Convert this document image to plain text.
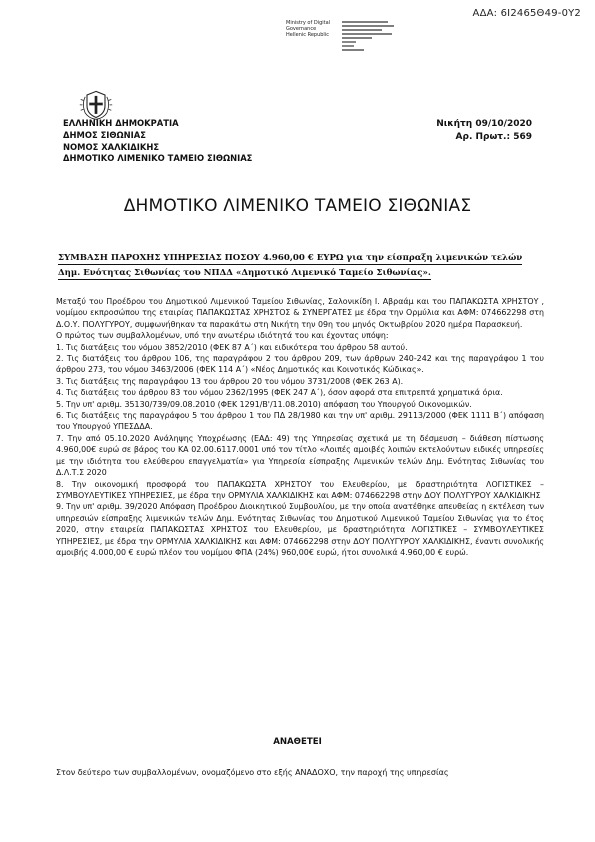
ΑΔΑ: 6Ι2465Θ49-0Υ2
Ministry of Digital
Governance
Hellenic Republic
ΕΛΛΗΝΙΚΗ ΔΗΜΟΚΡΑΤΙΑ
ΔΗΜΟΣ ΣΙΘΩΝΙΑΣ
ΝΟΜΟΣ ΧΑΛΚΙΔΙΚΗΣ
ΔΗΜΟΤΙΚΟ ΛΙΜΕΝΙΚΟ ΤΑΜΕΙΟ ΣΙΘΩΝΙΑΣ
Νικήτη 09/10/2020
Αρ. Πρωτ.: 569
ΔΗΜΟΤΙΚΟ ΛΙΜΕΝΙΚΟ ΤΑΜΕΙΟ ΣΙΘΩΝΙΑΣ
ΣΥΜΒΑΣΗ ΠΑΡΟΧΗΣ ΥΠΗΡΕΣΙΑΣ ΠΟΣΟΥ 4.960,00 € ΕΥΡΩ για την είσπραξη λιμενικών τελών
Δημ. Ενότητας Σιθωνίας του ΝΠΔΔ «Δημοτικό Λιμενικό Ταμείο Σιθωνίας».

Μεταξύ του Προέδρου του Δημοτικού Λιμενικού Ταμείου Σιθωνίας, Σαλονικίδη Ι. Αβραάμ και του ΠΑΠΑΚΩΣΤΑ ΧΡΗΣΤΟΥ , νομίμου εκπροσώπου της εταιρίας ΠΑΠΑΚΩΣΤΑΣ ΧΡΗΣΤΟΣ & ΣΥΝΕΡΓΑΤΕΣ με έδρα την Ορμύλια και ΑΦΜ: 074662298 στη Δ.Ο.Υ. ΠΟΛΥΓΥΡΟΥ, συμφωνήθηκαν τα παρακάτω στη Νικήτη την 09η του μηνός Οκτωβρίου 2020 ημέρα Παρασκευή.

Ο πρώτος των συμβαλλομένων, υπό την ανωτέρω ιδιότητά του και έχοντας υπόψη:

1. Τις διατάξεις του νόμου 3852/2010 (ΦΕΚ 87 Α΄) και ειδικότερα του άρθρου 58 αυτού.

2. Τις διατάξεις του άρθρου 106, της παραγράφου 2 του άρθρου 209, των άρθρων 240-242 και της παραγράφου 1 του άρθρου 273, του νόμου 3463/2006 (ΦΕΚ 114 Α΄) «Νέος Δημοτικός και Κοινοτικός Κώδικας».

3. Τις διατάξεις της παραγράφου 13 του άρθρου 20 του νόμου 3731/2008 (ΦΕΚ 263 Α).

4. Τις διατάξεις του άρθρου 83 του νόμου 2362/1995 (ΦΕΚ 247 Α΄), όσον αφορά στα επιτρεπτά χρηματικά όρια.

5. Την υπ' αριθμ. 35130/739/09.08.2010 (ΦΕΚ 1291/Β'/11.08.2010) απόφαση του Υπουργού Οικονομικών.

6. Τις διατάξεις της παραγράφου 5 του άρθρου 1 του ΠΔ 28/1980 και την υπ' αριθμ. 29113/2000 (ΦΕΚ 1111 Β΄) απόφαση του Υπουργού ΥΠΕΣΔΔΑ.

7. Την από 05.10.2020 Ανάληψης Υποχρέωσης (ΕΑΔ: 49) της Υπηρεσίας σχετικά με τη δέσμευση – διάθεση πίστωσης 4.960,00€ ευρώ σε βάρος του ΚΑ 02.00.6117.0001 υπό τον τίτλο «Λοιπές αμοιβές λοιπών εκτελούντων ειδικές υπηρεσίες με την ιδιότητα του ελεύθερου επαγγελματία» για Υπηρεσία είσπραξης Λιμενικών τελών Δημ. Ενότητας Σιθωνίας του Δ.Λ.Τ.Σ 2020

8. Την οικονομική προσφορά του ΠΑΠΑΚΩΣΤΑ ΧΡΗΣΤΟΥ του Ελευθερίου, με δραστηριότητα ΛΟΓΙΣΤΙΚΕΣ – ΣΥΜΒΟΥΛΕΥΤΙΚΕΣ ΥΠΗΡΕΣΙΕΣ, με έδρα την ΟΡΜΥΛΙΑ ΧΑΛΚΙΔΙΚΗΣ και ΑΦΜ: 074662298 στην ΔΟΥ ΠΟΛΥΓΥΡΟΥ ΧΑΛΚΙΔΙΚΗΣ

9. Την υπ' αριθμ. 39/2020 Απόφαση Προέδρου Διοικητικού Συμβουλίου, με την οποία ανατέθηκε απευθείας η εκτέλεση των υπηρεσιών είσπραξης λιμενικών τελών Δημ. Ενότητας Σιθωνίας του Δημοτικού Λιμενικού Ταμείου Σιθωνίας για το έτος 2020, στην εταιρεία ΠΑΠΑΚΩΣΤΑΣ ΧΡΗΣΤΟΣ του Ελευθερίου, με δραστηριότητα ΛΟΓΙΣΤΙΚΕΣ – ΣΥΜΒΟΥΛΕΥΤΙΚΕΣ ΥΠΗΡΕΣΙΕΣ, με έδρα την ΟΡΜΥΛΙΑ ΧΑΛΚΙΔΙΚΗΣ και ΑΦΜ: 074662298 στην ΔΟΥ ΠΟΛΥΓΥΡΟΥ ΧΑΛΚΙΔΙΚΗΣ, έναντι συνολικής αμοιβής 4.000,00 € ευρώ πλέον του νομίμου ΦΠΑ (24%) 960,00€ ευρώ, ήτοι συνολικά 4.960,00 € ευρώ.

ΑΝΑΘΕΤΕΙ
Στον δεύτερο των συμβαλλομένων, ονομαζόμενο στο εξής ΑΝΑΔΟΧΟ, την παροχή της υπηρεσίας
